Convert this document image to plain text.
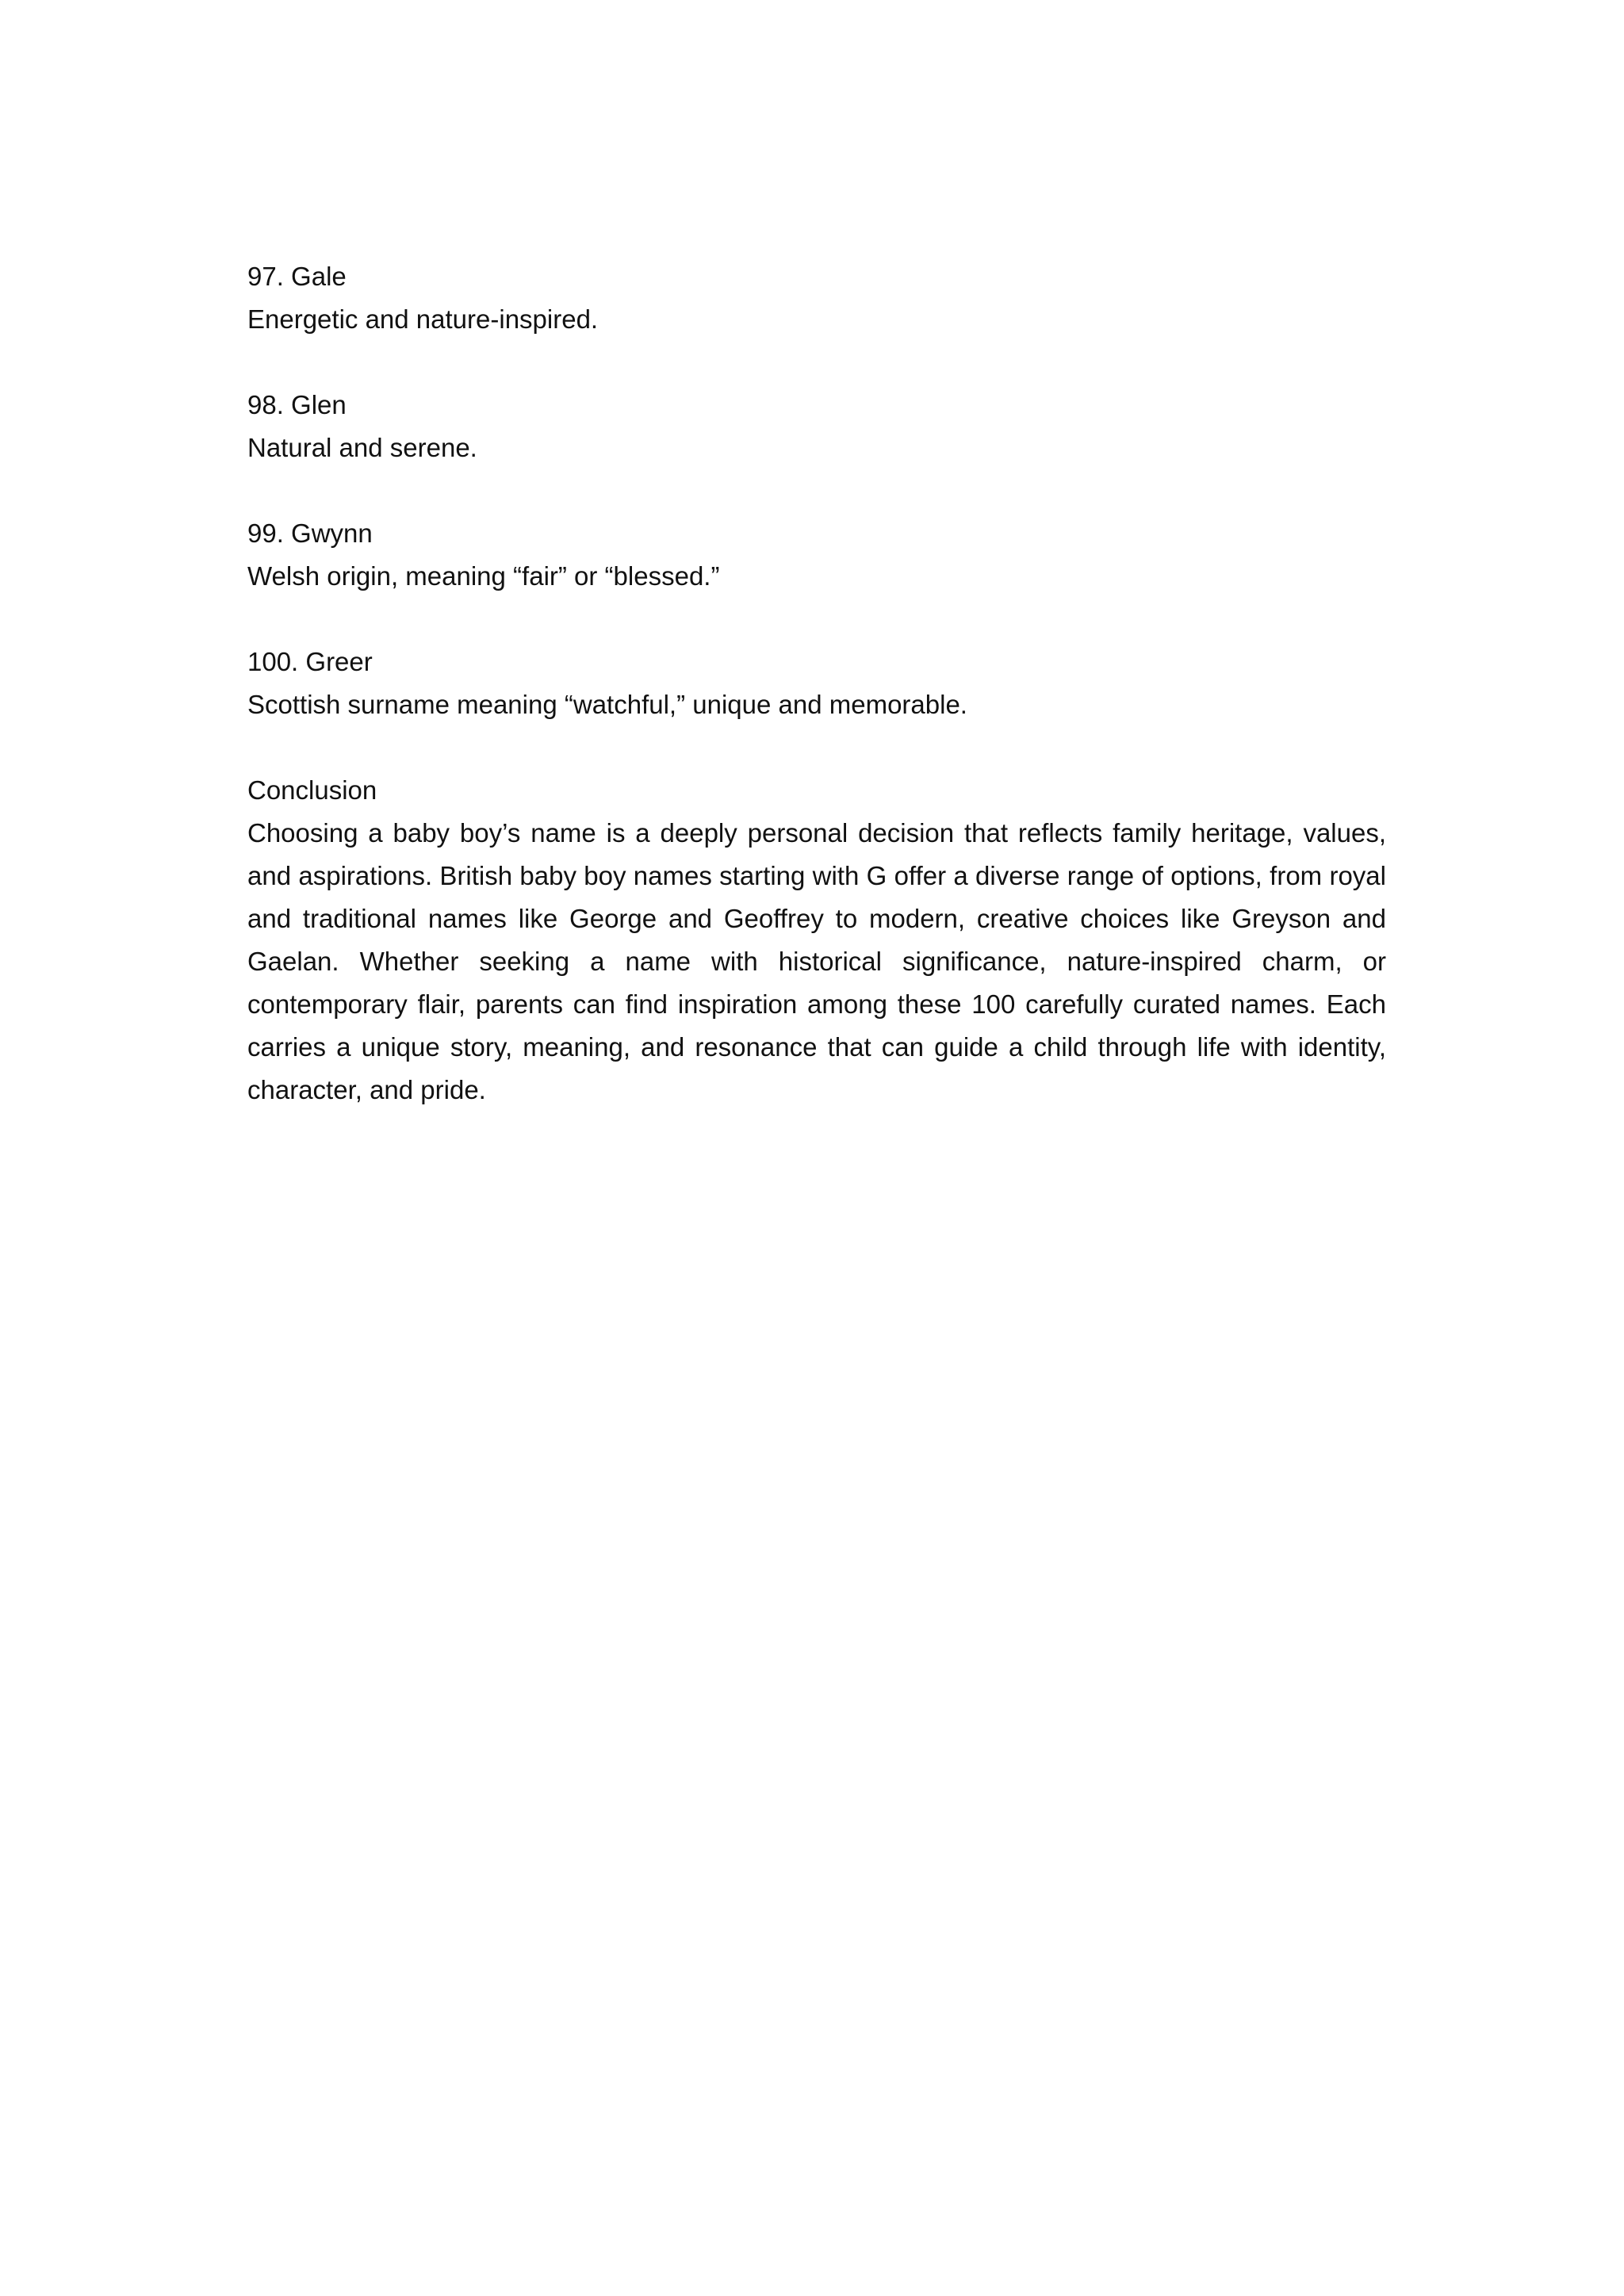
97. Gale
Energetic and nature-inspired.
98. Glen
Natural and serene.
99. Gwynn
Welsh origin, meaning “fair” or “blessed.”
100. Greer
Scottish surname meaning “watchful,” unique and memorable.
Conclusion

Choosing a baby boy’s name is a deeply personal decision that reflects family heritage, values, and aspirations. British baby boy names starting with G offer a diverse range of options, from royal and traditional names like George and Geoffrey to modern, creative choices like Greyson and Gaelan. Whether seeking a name with historical significance, nature-inspired charm, or contemporary flair, parents can find inspiration among these 100 carefully curated names. Each carries a unique story, meaning, and resonance that can guide a child through life with identity, character, and pride.
